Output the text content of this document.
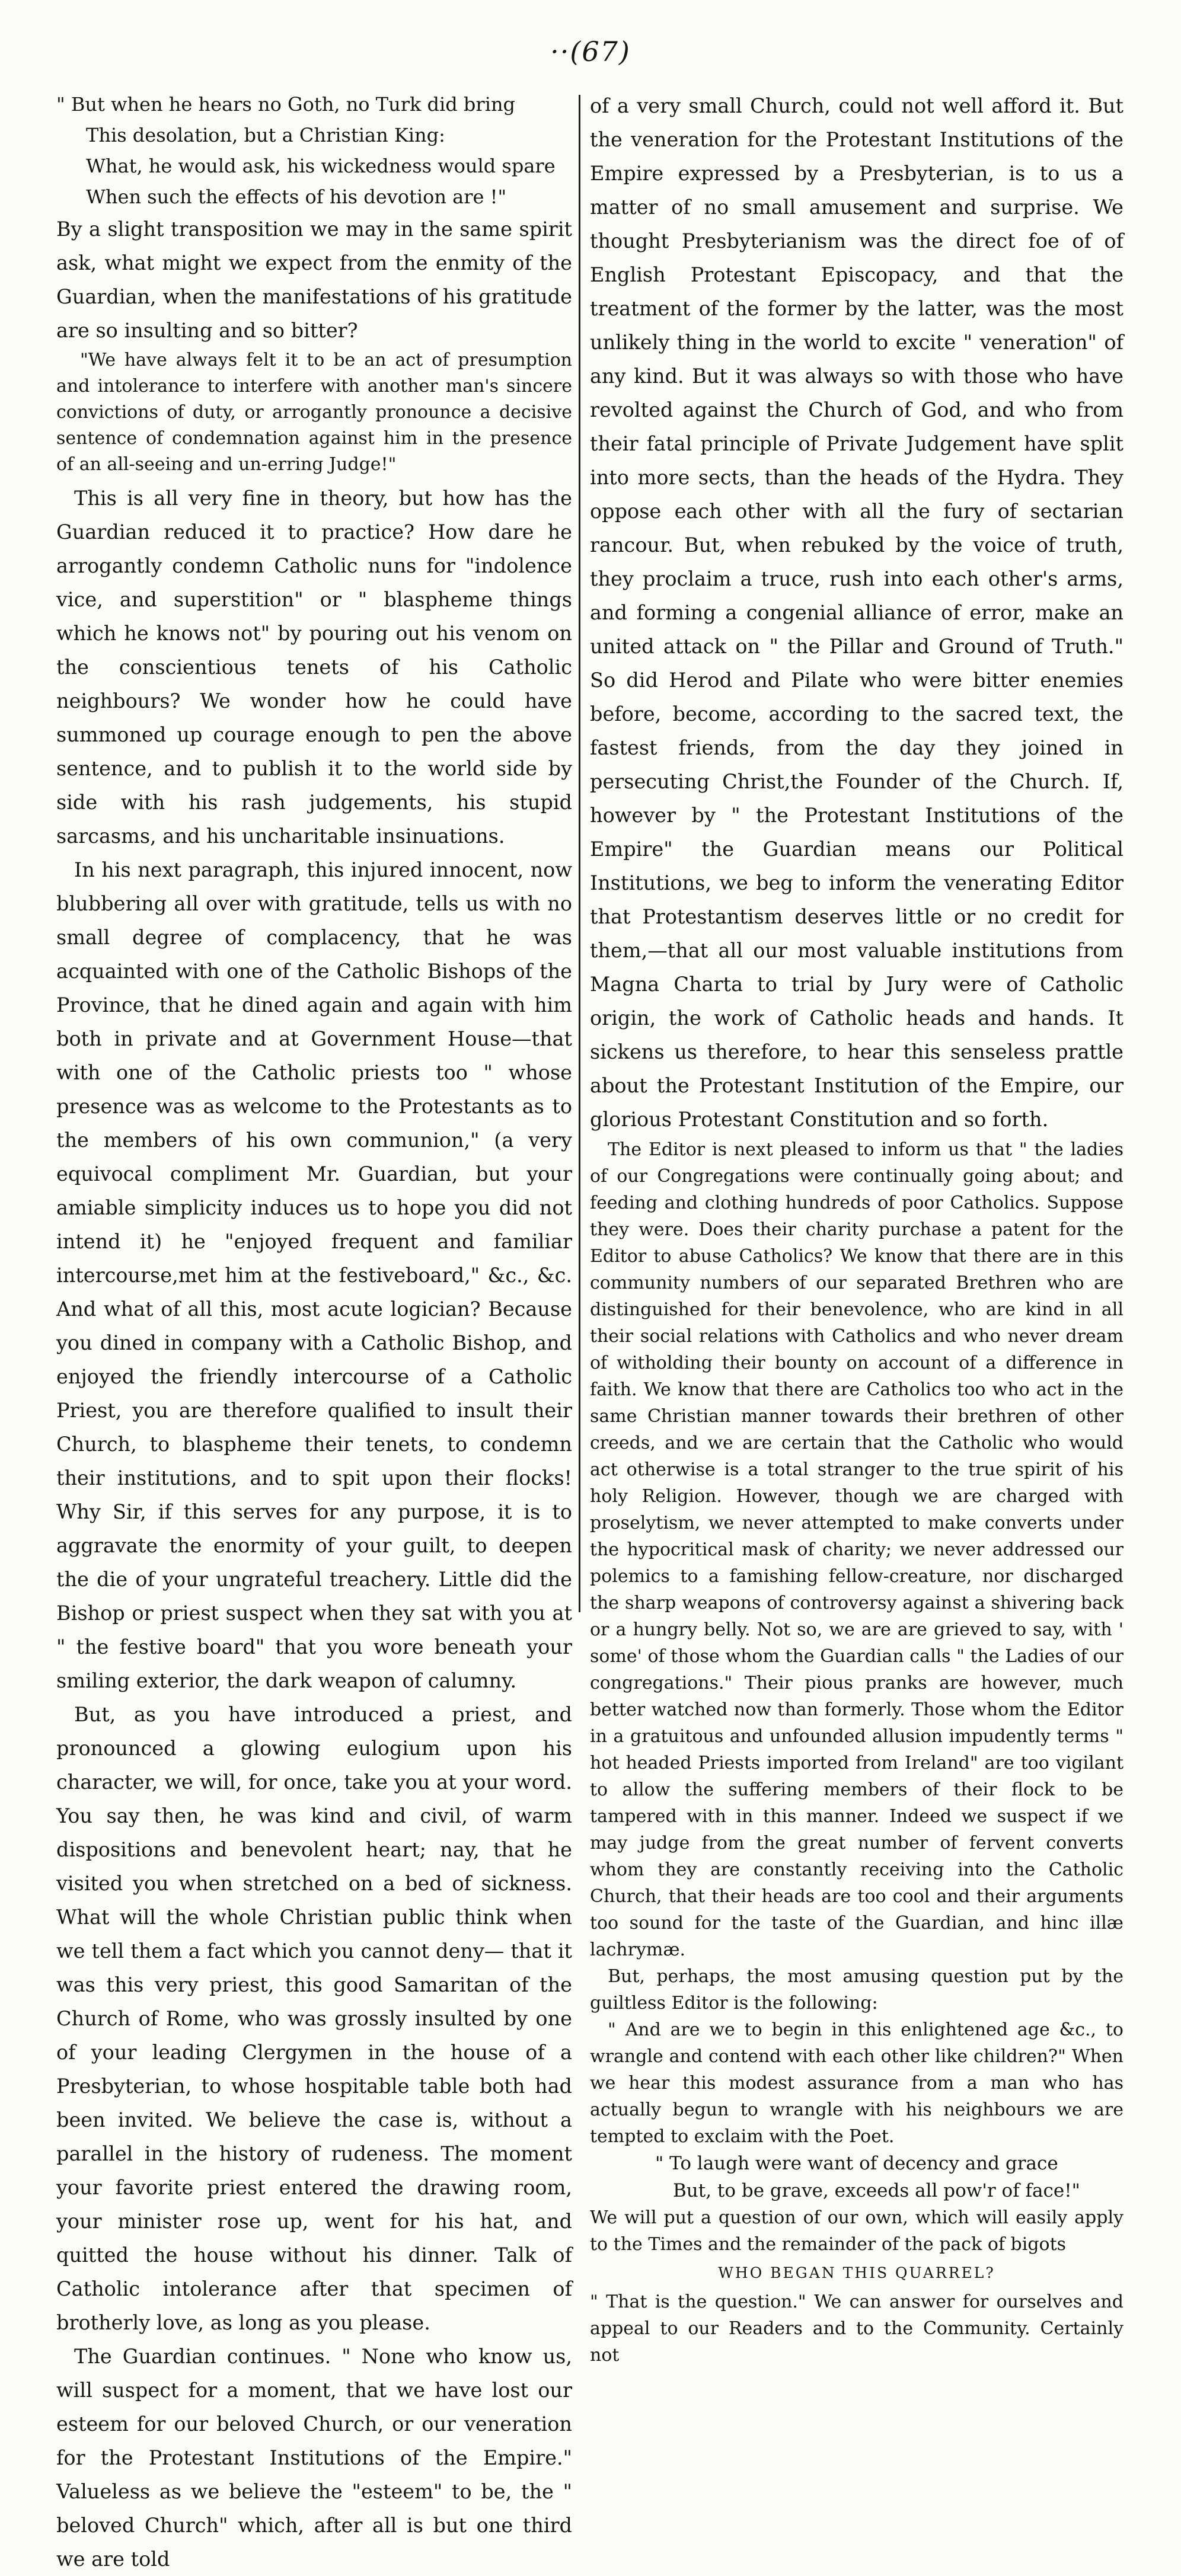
··(67)
" But when he hears no Goth, no Turk did bring
This desolation, but a Christian King:
What, he would ask, his wickedness would spare
When such the effects of his devotion are !"

By a slight transposition we may in the same spirit ask, what might we expect from the enmity of the Guardian, when the manifestations of his gratitude are so insulting and so bitter?

"We have always felt it to be an act of presumption and intolerance to interfere with another man's sincere convictions of duty, or arrogantly pronounce a decisive sentence of condemnation against him in the presence of an all-seeing and un-erring Judge!"

This is all very fine in theory, but how has the Guardian reduced it to practice? How dare he arrogantly condemn Catholic nuns for "indolence vice, and superstition" or " blaspheme things which he knows not" by pouring out his venom on the conscientious tenets of his Catholic neighbours? We wonder how he could have summoned up courage enough to pen the above sentence, and to publish it to the world side by side with his rash judgements, his stupid sarcasms, and his uncharitable insinuations.

In his next paragraph, this injured innocent, now blubbering all over with gratitude, tells us with no small degree of complacency, that he was acquainted with one of the Catholic Bishops of the Province, that he dined again and again with him both in private and at Government House—that with one of the Catholic priests too " whose presence was as welcome to the Protestants as to the members of his own communion," (a very equivocal compliment Mr. Guardian, but your amiable simplicity induces us to hope you did not intend it) he "enjoyed frequent and familiar intercourse,met him at the festiveboard," &c., &c. And what of all this, most acute logician? Because you dined in company with a Catholic Bishop, and enjoyed the friendly intercourse of a Catholic Priest, you are therefore qualified to insult their Church, to blaspheme their tenets, to condemn their institutions, and to spit upon their flocks! Why Sir, if this serves for any purpose, it is to aggravate the enormity of your guilt, to deepen the die of your ungrateful treachery. Little did the Bishop or priest suspect when they sat with you at " the festive board" that you wore beneath your smiling exterior, the dark weapon of calumny.

But, as you have introduced a priest, and pronounced a glowing eulogium upon his character, we will, for once, take you at your word. You say then, he was kind and civil, of warm dispositions and benevolent heart; nay, that he visited you when stretched on a bed of sickness. What will the whole Christian public think when we tell them a fact which you cannot deny— that it was this very priest, this good Samaritan of the Church of Rome, who was grossly insulted by one of your leading Clergymen in the house of a Presbyterian, to whose hospitable table both had been invited. We believe the case is, without a parallel in the history of rudeness. The moment your favorite priest entered the drawing room, your minister rose up, went for his hat, and quitted the house without his dinner. Talk of Catholic intolerance after that specimen of brotherly love, as long as you please.

The Guardian continues. " None who know us, will suspect for a moment, that we have lost our esteem for our beloved Church, or our veneration for the Protestant Institutions of the Empire." Valueless as we believe the "esteem" to be, the " beloved Church" which, after all is but one third we are told

of a very small Church, could not well afford it. But the veneration for the Protestant Institutions of the Empire expressed by a Presbyterian, is to us a matter of no small amusement and surprise. We thought Presbyterianism was the direct foe of of English Protestant Episcopacy, and that the treatment of the former by the latter, was the most unlikely thing in the world to excite " veneration" of any kind. But it was always so with those who have revolted against the Church of God, and who from their fatal principle of Private Judgement have split into more sects, than the heads of the Hydra. They oppose each other with all the fury of sectarian rancour. But, when rebuked by the voice of truth, they proclaim a truce, rush into each other's arms, and forming a congenial alliance of error, make an united attack on " the Pillar and Ground of Truth." So did Herod and Pilate who were bitter enemies before, become, according to the sacred text, the fastest friends, from the day they joined in persecuting Christ,the Founder of the Church. If, however by " the Protestant Institutions of the Empire" the Guardian means our Political Institutions, we beg to inform the venerating Editor that Protestantism deserves little or no credit for them,—that all our most valuable institutions from Magna Charta to trial by Jury were of Catholic origin, the work of Catholic heads and hands. It sickens us therefore, to hear this senseless prattle about the Protestant Institution of the Empire, our glorious Protestant Constitution and so forth.

The Editor is next pleased to inform us that " the ladies of our Congregations were continually going about; and feeding and clothing hundreds of poor Catholics. Suppose they were. Does their charity purchase a patent for the Editor to abuse Catholics? We know that there are in this community numbers of our separated Brethren who are distinguished for their benevolence, who are kind in all their social relations with Catholics and who never dream of witholding their bounty on account of a difference in faith. We know that there are Catholics too who act in the same Christian manner towards their brethren of other creeds, and we are certain that the Catholic who would act otherwise is a total stranger to the true spirit of his holy Religion. However, though we are charged with proselytism, we never attempted to make converts under the hypocritical mask of charity; we never addressed our polemics to a famishing fellow-creature, nor discharged the sharp weapons of controversy against a shivering back or a hungry belly. Not so, we are are grieved to say, with ' some' of those whom the Guardian calls " the Ladies of our congregations." Their pious pranks are however, much better watched now than formerly. Those whom the Editor in a gratuitous and unfounded allusion impudently terms " hot headed Priests imported from Ireland" are too vigilant to allow the suffering members of their flock to be tampered with in this manner. Indeed we suspect if we may judge from the great number of fervent converts whom they are constantly receiving into the Catholic Church, that their heads are too cool and their arguments too sound for the taste of the Guardian, and hinc illæ lachrymæ.

But, perhaps, the most amusing question put by the guiltless Editor is the following:

" And are we to begin in this enlightened age &c., to wrangle and contend with each other like children?" When we hear this modest assurance from a man who has actually begun to wrangle with his neighbours we are tempted to exclaim with the Poet.

" To laugh were want of decency and grace
But, to be grave, exceeds all pow'r of face!"

We will put a question of our own, which will easily apply to the Times and the remainder of the pack of bigots

WHO BEGAN THIS QUARREL?

" That is the question." We can answer for ourselves and appeal to our Readers and to the Community. Certainly not
